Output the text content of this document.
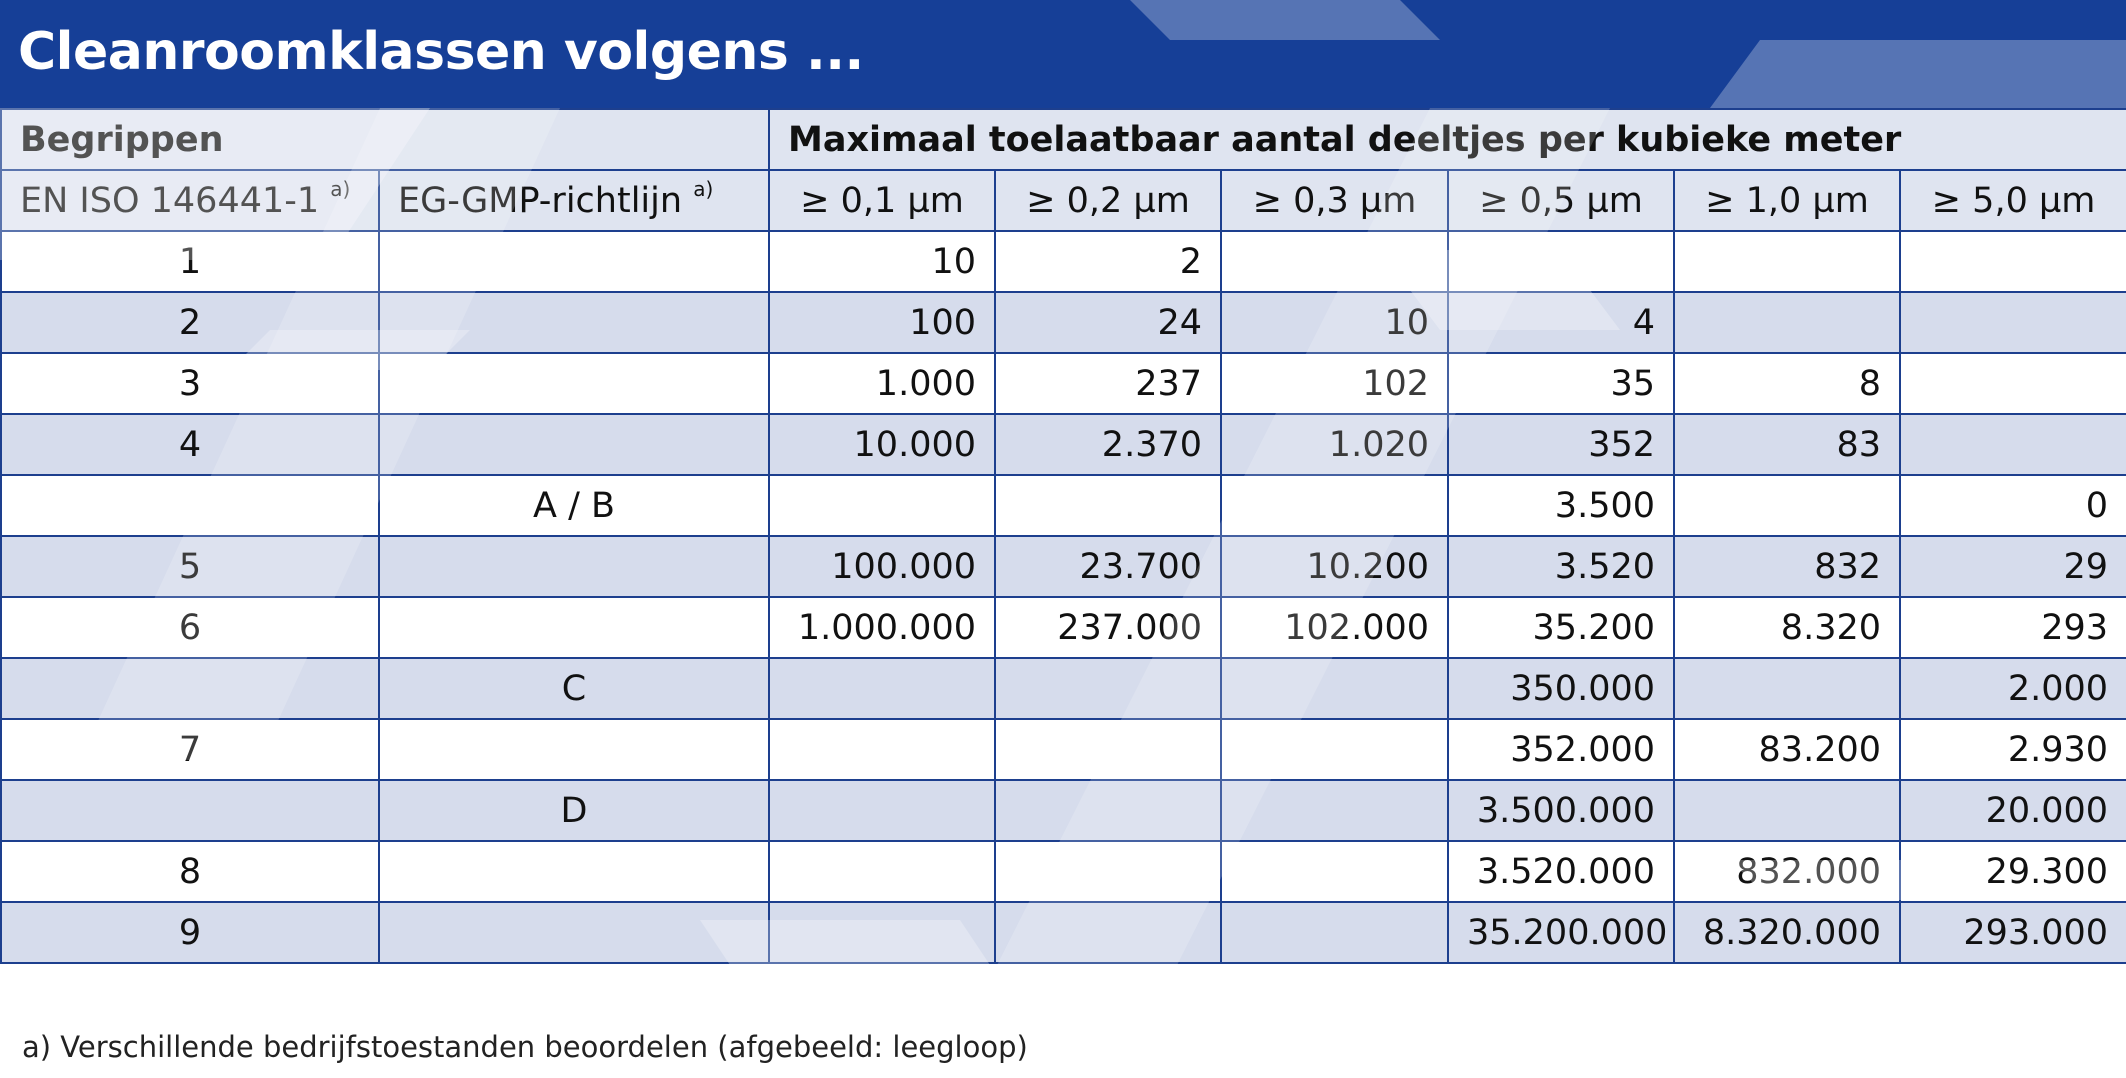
Cleanroomklassen volgens ...
Begrippen		Maximaal toelaatbaar aantal deeltjes per kubieke meter					
EN ISO 146441-1 $^{a)}$	EG-GMP-richtlijn $^{a)}$	≥ 0,1 µm	≥ 0,2 µm	≥ 0,3 µm	≥ 0,5 µm	≥ 1,0 µm	≥ 5,0 µm
1		10	2				
2		100	24	10	4		
3		1.000	237	102	35	8	
4		10.000	2.370	1.020	352	83	
	A / B				3.500		0
5		100.000	23.700	10.200	3.520	832	29
6		1.000.000	237.000	102.000	35.200	8.320	293
	C				350.000		2.000
7					352.000	83.200	2.930
	D				3.500.000		20.000
8					3.520.000	832.000	29.300
9					35.200.000	8.320.000	293.000
a) Verschillende bedrijfstoestanden beoordelen (afgebeeld: leegloop)
